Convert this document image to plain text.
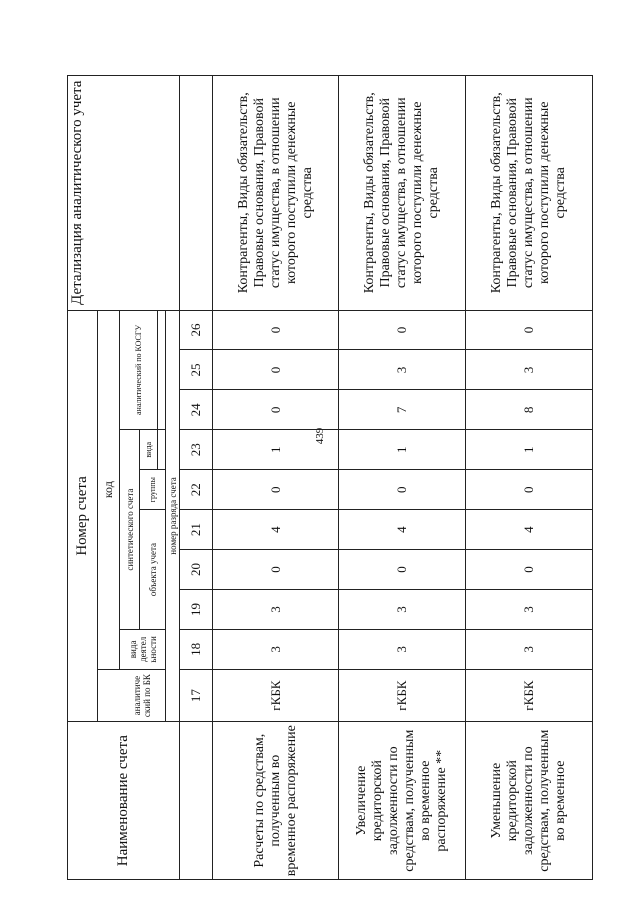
439
Наименование счета	Номер счета										Детализация аналитического учета
		код									
	аналитиче ский по БК	вида деятел ьности	синтетического счета					аналитический по КОСГУ			
			объекта учета			группы	вида				

	номер разряда счета										
	17	18	19	20	21	22	23	24	25	26	
Расчеты по средствам, полученным во временное распоряжение	гКБК	3	3	0	4	0	1	0	0	0	Контрагенты, Виды обязательств, Правовые основания, Правовой статус имущества, в отношении которого поступили денежные средства
Увеличение кредиторской задолженности по средствам, полученным во временное распоряжение **	гКБК	3	3	0	4	0	1	7	3	0	Контрагенты, Виды обязательств, Правовые основания, Правовой статус имущества, в отношении которого поступили денежные средства
Уменьшение кредиторской задолженности по средствам, полученным во временное	гКБК	3	3	0	4	0	1	8	3	0	Контрагенты, Виды обязательств, Правовые основания, Правовой статус имущества, в отношении которого поступили денежные средства
